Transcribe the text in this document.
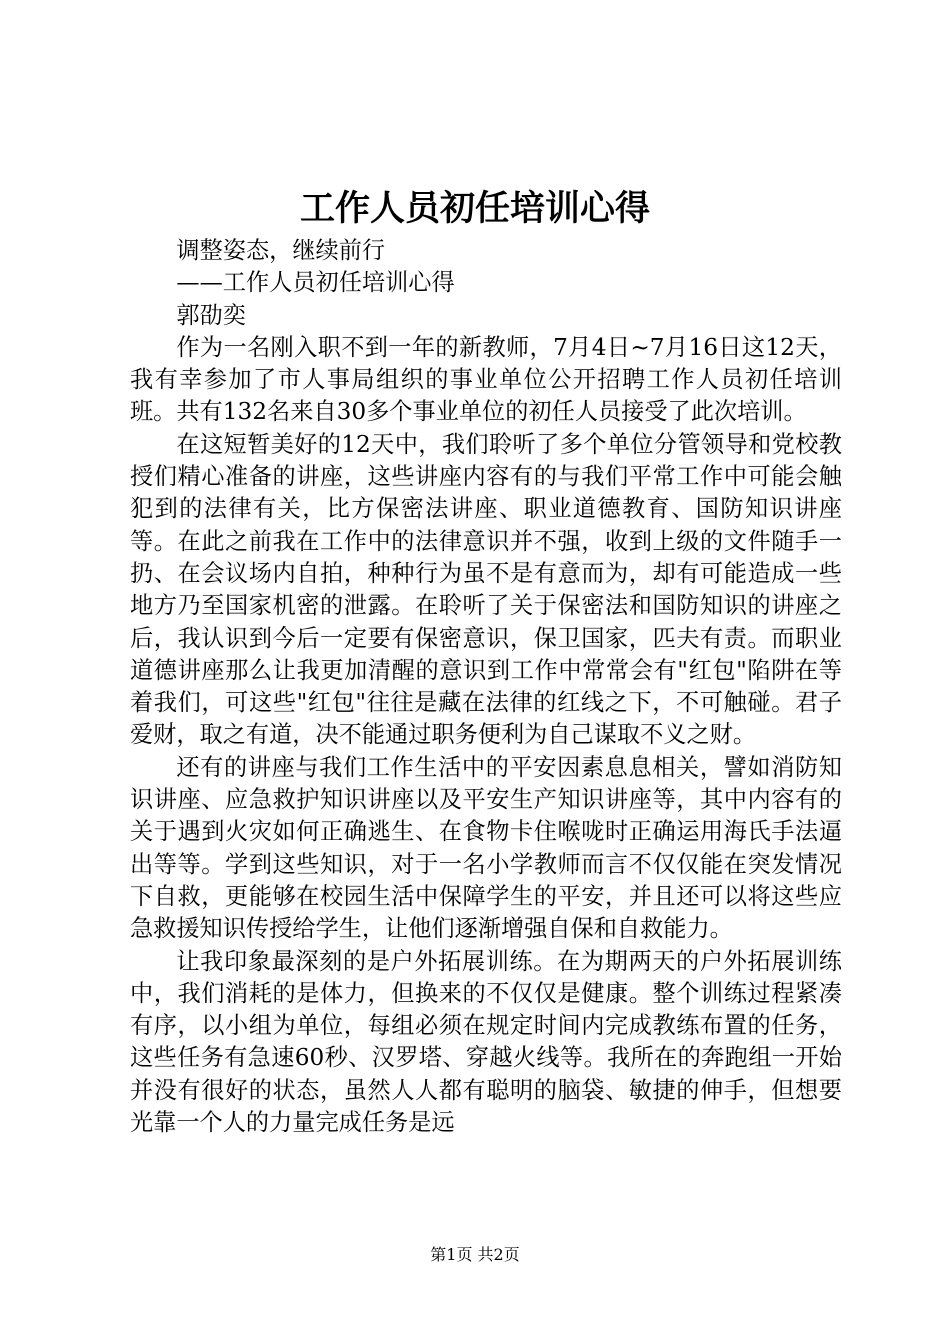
工作人员初任培训心得

调整姿态，继续前行

——工作人员初任培训心得

郭劭奕

作为一名刚入职不到一年的新教师，7月4日~7月16日这12天，我有幸参加了市人事局组织的事业单位公开招聘工作人员初任培训班。共有132名来自30多个事业单位的初任人员接受了此次培训。

在这短暂美好的12天中，我们聆听了多个单位分管领导和党校教授们精心准备的讲座，这些讲座内容有的与我们平常工作中可能会触犯到的法律有关，比方保密法讲座、职业道德教育、国防知识讲座等。在此之前我在工作中的法律意识并不强，收到上级的文件随手一扔、在会议场内自拍，种种行为虽不是有意而为，却有可能造成一些地方乃至国家机密的泄露。在聆听了关于保密法和国防知识的讲座之后，我认识到今后一定要有保密意识，保卫国家，匹夫有责。而职业道德讲座那么让我更加清醒的意识到工作中常常会有"红包"陷阱在等着我们，可这些"红包"往往是藏在法律的红线之下，不可触碰。君子爱财，取之有道，决不能通过职务便利为自己谋取不义之财。

还有的讲座与我们工作生活中的平安因素息息相关，譬如消防知识讲座、应急救护知识讲座以及平安生产知识讲座等，其中内容有的关于遇到火灾如何正确逃生、在食物卡住喉咙时正确运用海氏手法逼出等等。学到这些知识，对于一名小学教师而言不仅仅能在突发情况下自救，更能够在校园生活中保障学生的平安，并且还可以将这些应急救援知识传授给学生，让他们逐渐增强自保和自救能力。

让我印象最深刻的是户外拓展训练。在为期两天的户外拓展训练中，我们消耗的是体力，但换来的不仅仅是健康。整个训练过程紧凑有序，以小组为单位，每组必须在规定时间内完成教练布置的任务，这些任务有急速60秒、汉罗塔、穿越火线等。我所在的奔跑组一开始并没有很好的状态，虽然人人都有聪明的脑袋、敏捷的伸手，但想要光靠一个人的力量完成任务是远

第1页 共2页
